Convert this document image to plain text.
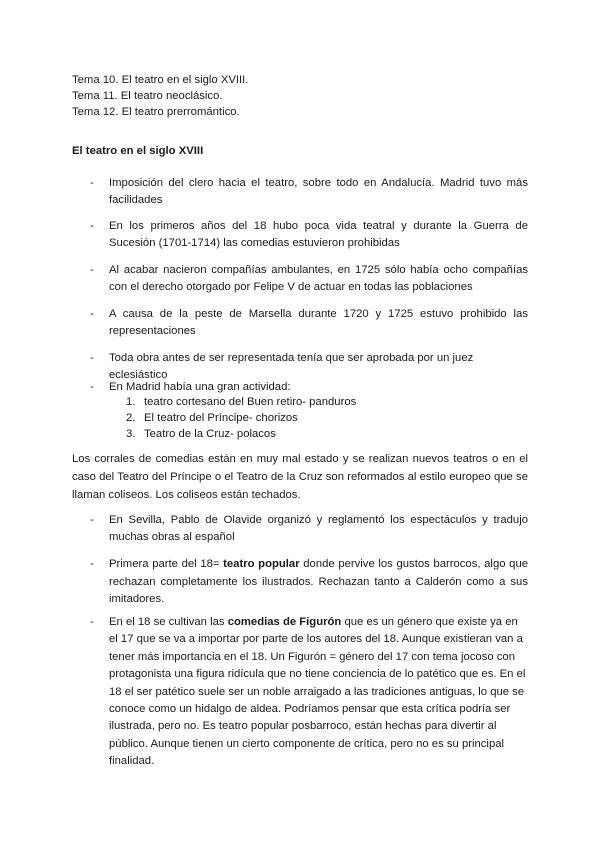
Tema 10. El teatro en el siglo XVIII.
Tema 11. El teatro neoclásico.
Tema 12. El teatro prerromántico.
El teatro en el siglo XVIII
- Imposición del clero hacia el teatro, sobre todo en Andalucía. Madrid tuvo más facilidades
- En los primeros años del 18 hubo poca vida teatral y durante la Guerra de Sucesión (1701-1714) las comedias estuvieron prohibidas
- Al acabar nacieron compañías ambulantes, en 1725 sólo había ocho compañías con el derecho otorgado por Felipe V de actuar en todas las poblaciones
- A causa de la peste de Marsella durante 1720 y 1725 estuvo prohibido las representaciones
- Toda obra antes de ser representada tenía que ser aprobada por un juez eclesiástico
- En Madrid había una gran actividad:
1. teatro cortesano del Buen retiro- panduros
2. El teatro del Príncipe- chorizos
3. Teatro de la Cruz- polacos
Los corrales de comedias están en muy mal estado y se realizan nuevos teatros o en el caso del Teatro del Príncipe o el Teatro de la Cruz son reformados al estilo europeo que se llaman coliseos. Los coliseos están techados.
- En Sevilla, Pablo de Olavide organizó y reglamentó los espectáculos y tradujo muchas obras al español
- Primera parte del 18= teatro popular donde pervive los gustos barrocos, algo que rechazan completamente los ilustrados. Rechazan tanto a Calderón como a sus imitadores.
- En el 18 se cultivan las comedias de Figurón que es un género que existe ya en el 17 que se va a importar por parte de los autores del 18. Aunque existieran van a tener más importancia en el 18. Un Figurón = género del 17 con tema jocoso con protagonista una figura ridícula que no tiene conciencia de lo patético que es. En el 18 el ser patético suele ser un noble arraigado a las tradiciones antiguas, lo que se conoce como un hidalgo de aldea. Podríamos pensar que esta crítica podría ser ilustrada, pero no. Es teatro popular posbarroco, están hechas para divertir al público. Aunque tienen un cierto componente de crítica, pero no es su principal finalidad.
